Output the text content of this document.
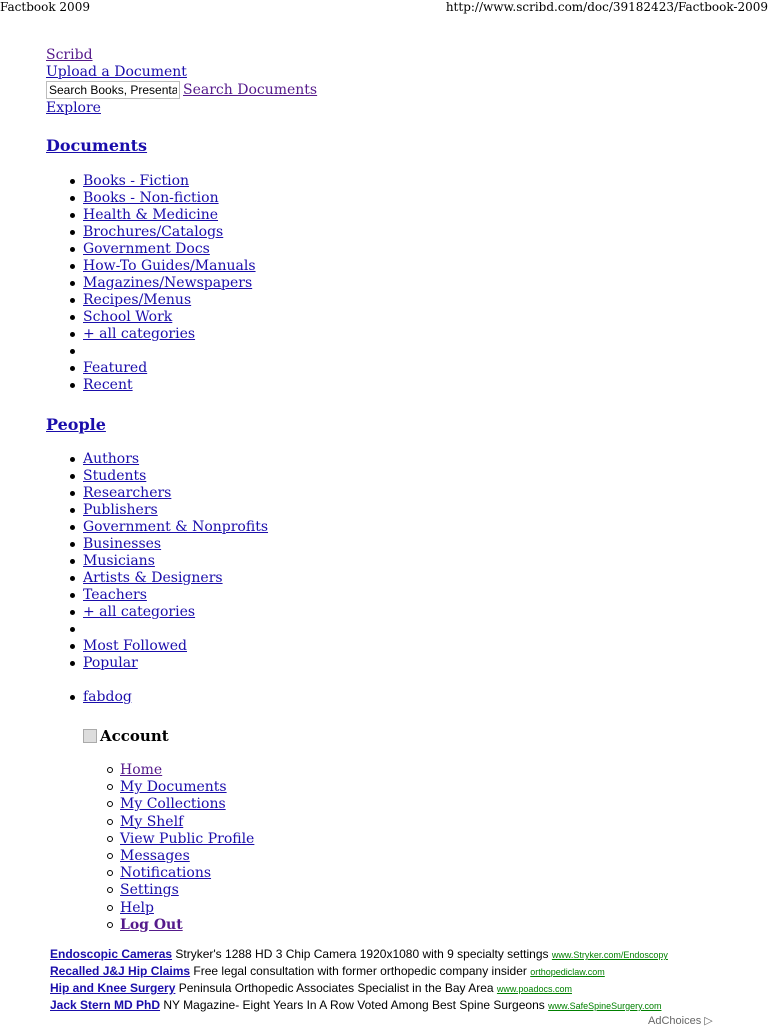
Factbook 2009	http://www.scribd.com/doc/39182423/Factbook-2009
Scribd
Upload a Document
Search Books, Presenta
Search Documents
Explore
Documents
Books - Fiction
Books - Non-fiction
Health & Medicine
Brochures/Catalogs
Government Docs
How-To Guides/Manuals
Magazines/Newspapers
Recipes/Menus
School Work
+ all categories
Featured
Recent
People
Authors
Students
Researchers
Publishers
Government & Nonprofits
Businesses
Musicians
Artists & Designers
Teachers
+ all categories
Most Followed
Popular
fabdog
Account
Home
My Documents
My Collections
My Shelf
View Public Profile
Messages
Notifications
Settings
Help
Log Out
Endoscopic Cameras Stryker's 1288 HD 3 Chip Camera 1920x1080 with 9 specialty settings www.Stryker.com/Endoscopy
Recalled J&J Hip Claims Free legal consultation with former orthopedic company insider orthopediclaw.com
Hip and Knee Surgery Peninsula Orthopedic Associates Specialist in the Bay Area www.poadocs.com
Jack Stern MD PhD NY Magazine- Eight Years In A Row Voted Among Best Spine Surgeons www.SafeSpineSurgery.com
AdChoices ▷
